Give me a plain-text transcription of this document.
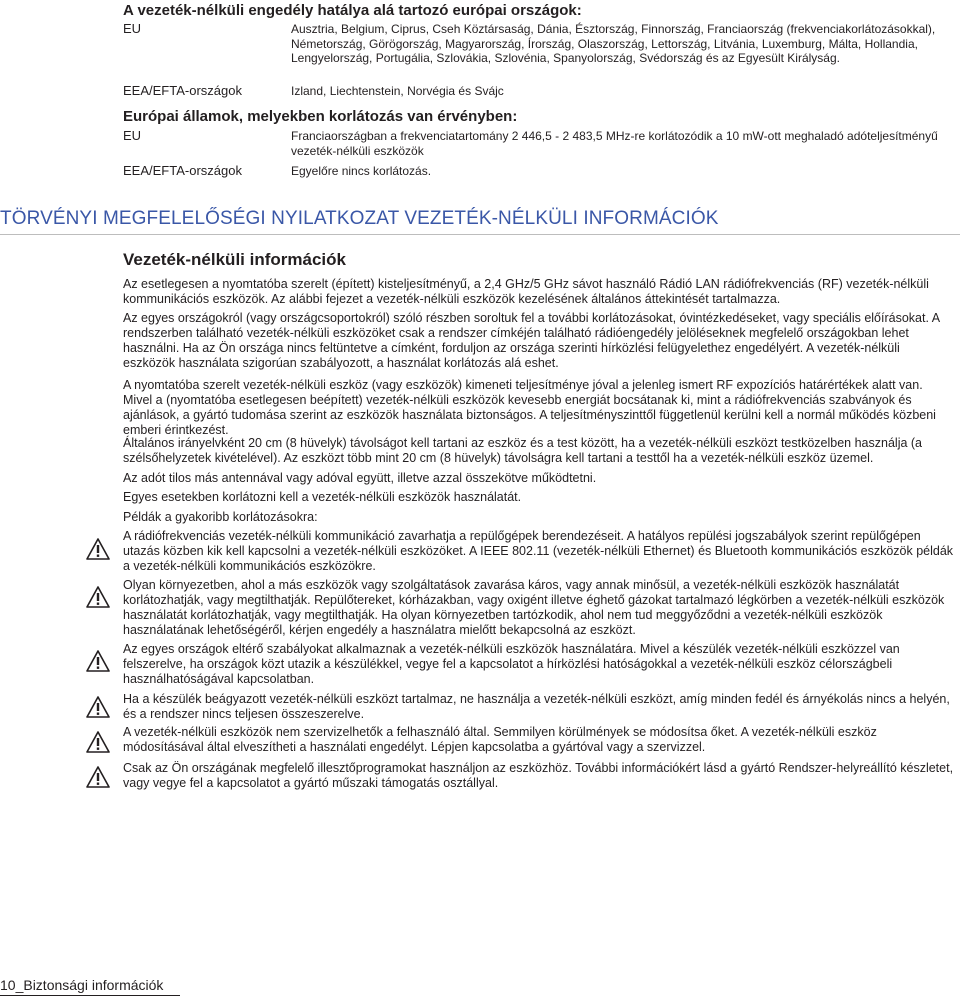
A vezeték-nélküli engedély hatálya alá tartozó európai országok:
EU	Ausztria, Belgium, Ciprus, Cseh Köztársaság, Dánia, Észtország, Finnország, Franciaország (frekvenciakorlátozásokkal), Németország, Görögország, Magyarország, Írország, Olaszország, Lettország, Litvánia, Luxemburg, Málta, Hollandia, Lengyelország, Portugália, Szlovákia, Szlovénia, Spanyolország, Svédország és az Egyesült Királyság.
EEA/EFTA-országok	Izland, Liechtenstein, Norvégia és Svájc
Európai államok, melyekben korlátozás van érvényben:
EU	Franciaországban a frekvenciatartomány 2 446,5 - 2 483,5 MHz-re korlátozódik a 10 mW-ott meghaladó adóteljesítményű vezeték-nélküli eszközök
EEA/EFTA-országok	Egyelőre nincs korlátozás.
TÖRVÉNYI MEGFELELŐSÉGI NYILATKOZAT VEZETÉK-NÉLKÜLI INFORMÁCIÓK
Vezeték-nélküli információk
Az esetlegesen a nyomtatóba szerelt (épített) kisteljesítményű, a 2,4 GHz/5 GHz sávot használó Rádió LAN rádiófrekvenciás (RF) vezeték-nélküli kommunikációs eszközök. Az alábbi fejezet a vezeték-nélküli eszközök kezelésének általános áttekintését tartalmazza.
Az egyes országokról (vagy országcsoportokról) szóló részben soroltuk fel a további korlátozásokat, óvintézkedéseket, vagy speciális előírásokat. A rendszerben található vezeték-nélküli eszközöket csak a rendszer címkéjén található rádióengedély jelöléseknek megfelelő országokban lehet használni. Ha az Ön országa nincs feltüntetve a címként, forduljon az országa szerinti hírközlési felügyelethez engedélyért. A vezeték-nélküli eszközök használata szigorúan szabályozott, a használat korlátozás alá eshet.
A nyomtatóba szerelt vezeték-nélküli eszköz (vagy eszközök) kimeneti teljesítménye jóval a jelenleg ismert RF expozíciós határértékek alatt van. Mivel a (nyomtatóba esetlegesen beépített) vezeték-nélküli eszközök kevesebb energiát bocsátanak ki, mint a rádiófrekvenciás szabványok és ajánlások, a gyártó tudomása szerint az eszközök használata biztonságos. A teljesítményszinttől függetlenül kerülni kell a normál működés közbeni emberi érintkezést.
Általános irányelvként 20 cm (8 hüvelyk) távolságot kell tartani az eszköz és a test között, ha a vezeték-nélküli eszközt testközelben használja (a szélsőhelyzetek kivételével). Az eszközt több mint 20 cm (8 hüvelyk) távolságra kell tartani a testtől ha a vezeték-nélküli eszköz üzemel.
Az adót tilos más antennával vagy adóval együtt, illetve azzal összekötve működtetni.
Egyes esetekben korlátozni kell a vezeték-nélküli eszközök használatát.
Példák a gyakoribb korlátozásokra:
A rádiófrekvenciás vezeték-nélküli kommunikáció zavarhatja a repülőgépek berendezéseit. A hatályos repülési jogszabályok szerint repülőgépen utazás közben kik kell kapcsolni a vezeték-nélküli eszközöket. A IEEE 802.11 (vezeték-nélküli Ethernet) és Bluetooth kommunikációs eszközök példák a vezeték-nélküli kommunikációs eszközökre.
Olyan környezetben, ahol a más eszközök vagy szolgáltatások zavarása káros, vagy annak minősül, a vezeték-nélküli eszközök használatát korlátozhatják, vagy megtilthatják. Repülőtereket, kórházakban, vagy oxigént illetve éghető gázokat tartalmazó légkörben a vezeték-nélküli eszközök használatát korlátozhatják, vagy megtilthatják. Ha olyan környezetben tartózkodik, ahol nem tud meggyőződni a vezeték-nélküli eszközök használatának lehetőségéről, kérjen engedély a használatra mielőtt bekapcsolná az eszközt.
Az egyes országok eltérő szabályokat alkalmaznak a vezeték-nélküli eszközök használatára. Mivel a készülék vezeték-nélküli eszközzel van felszerelve, ha országok közt utazik a készülékkel, vegye fel a kapcsolatot a hírközlési hatóságokkal a vezeték-nélküli eszköz célországbeli használhatóságával kapcsolatban.
Ha a készülék beágyazott vezeték-nélküli eszközt tartalmaz, ne használja a vezeték-nélküli eszközt, amíg minden fedél és árnyékolás nincs a helyén, és a rendszer nincs teljesen összeszerelve.
A vezeték-nélküli eszközök nem szervizelhetők a felhasználó által. Semmilyen körülmények se módosítsa őket. A vezeték-nélküli eszköz módosításával által elveszítheti a használati engedélyt. Lépjen kapcsolatba a gyártóval vagy a szervizzel.
Csak az Ön országának megfelelő illesztőprogramokat használjon az eszközhöz. További információkért lásd a gyártó Rendszer-helyreállító készletet, vagy vegye fel a kapcsolatot a gyártó műszaki támogatás osztállyal.
10_Biztonsági információk
